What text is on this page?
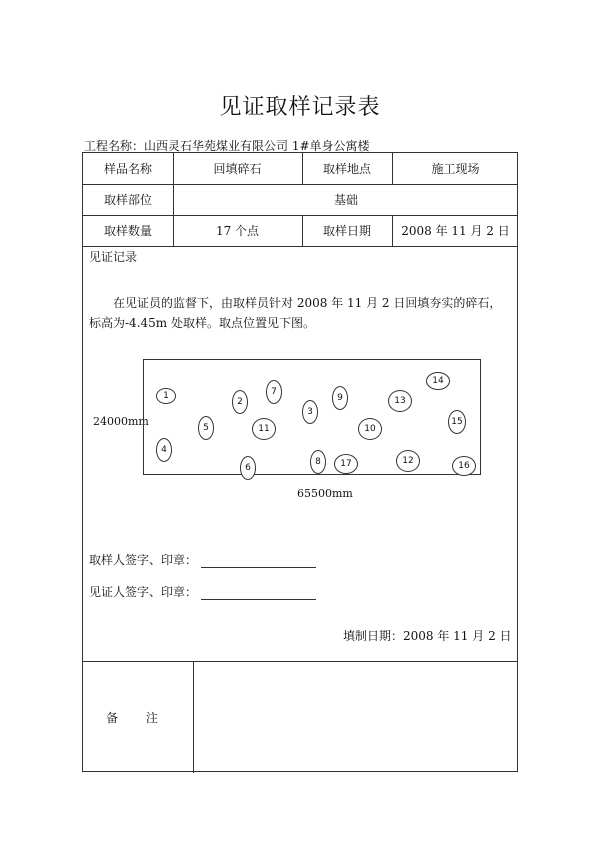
见证取样记录表
工程名称：山西灵石华苑煤业有限公司 1#单身公寓楼
样品名称	回填碎石	取样地点	施工现场
取样部位	基础
取样数量	17 个点	取样日期	2008 年 11 月 2 日
见证记录
在见证员的监督下，由取样员针对 2008 年 11 月 2 日回填夯实的碎石，标高为-4.45m 处取样。取点位置见下图。
24000mm
1
2
3
4
5
6
7
8
9
10
11
12
13
14
15
16
17
65500mm
取样人签字、印章：
见证人签字、印章：
填制日期：2008 年 11 月 2 日
备 注
